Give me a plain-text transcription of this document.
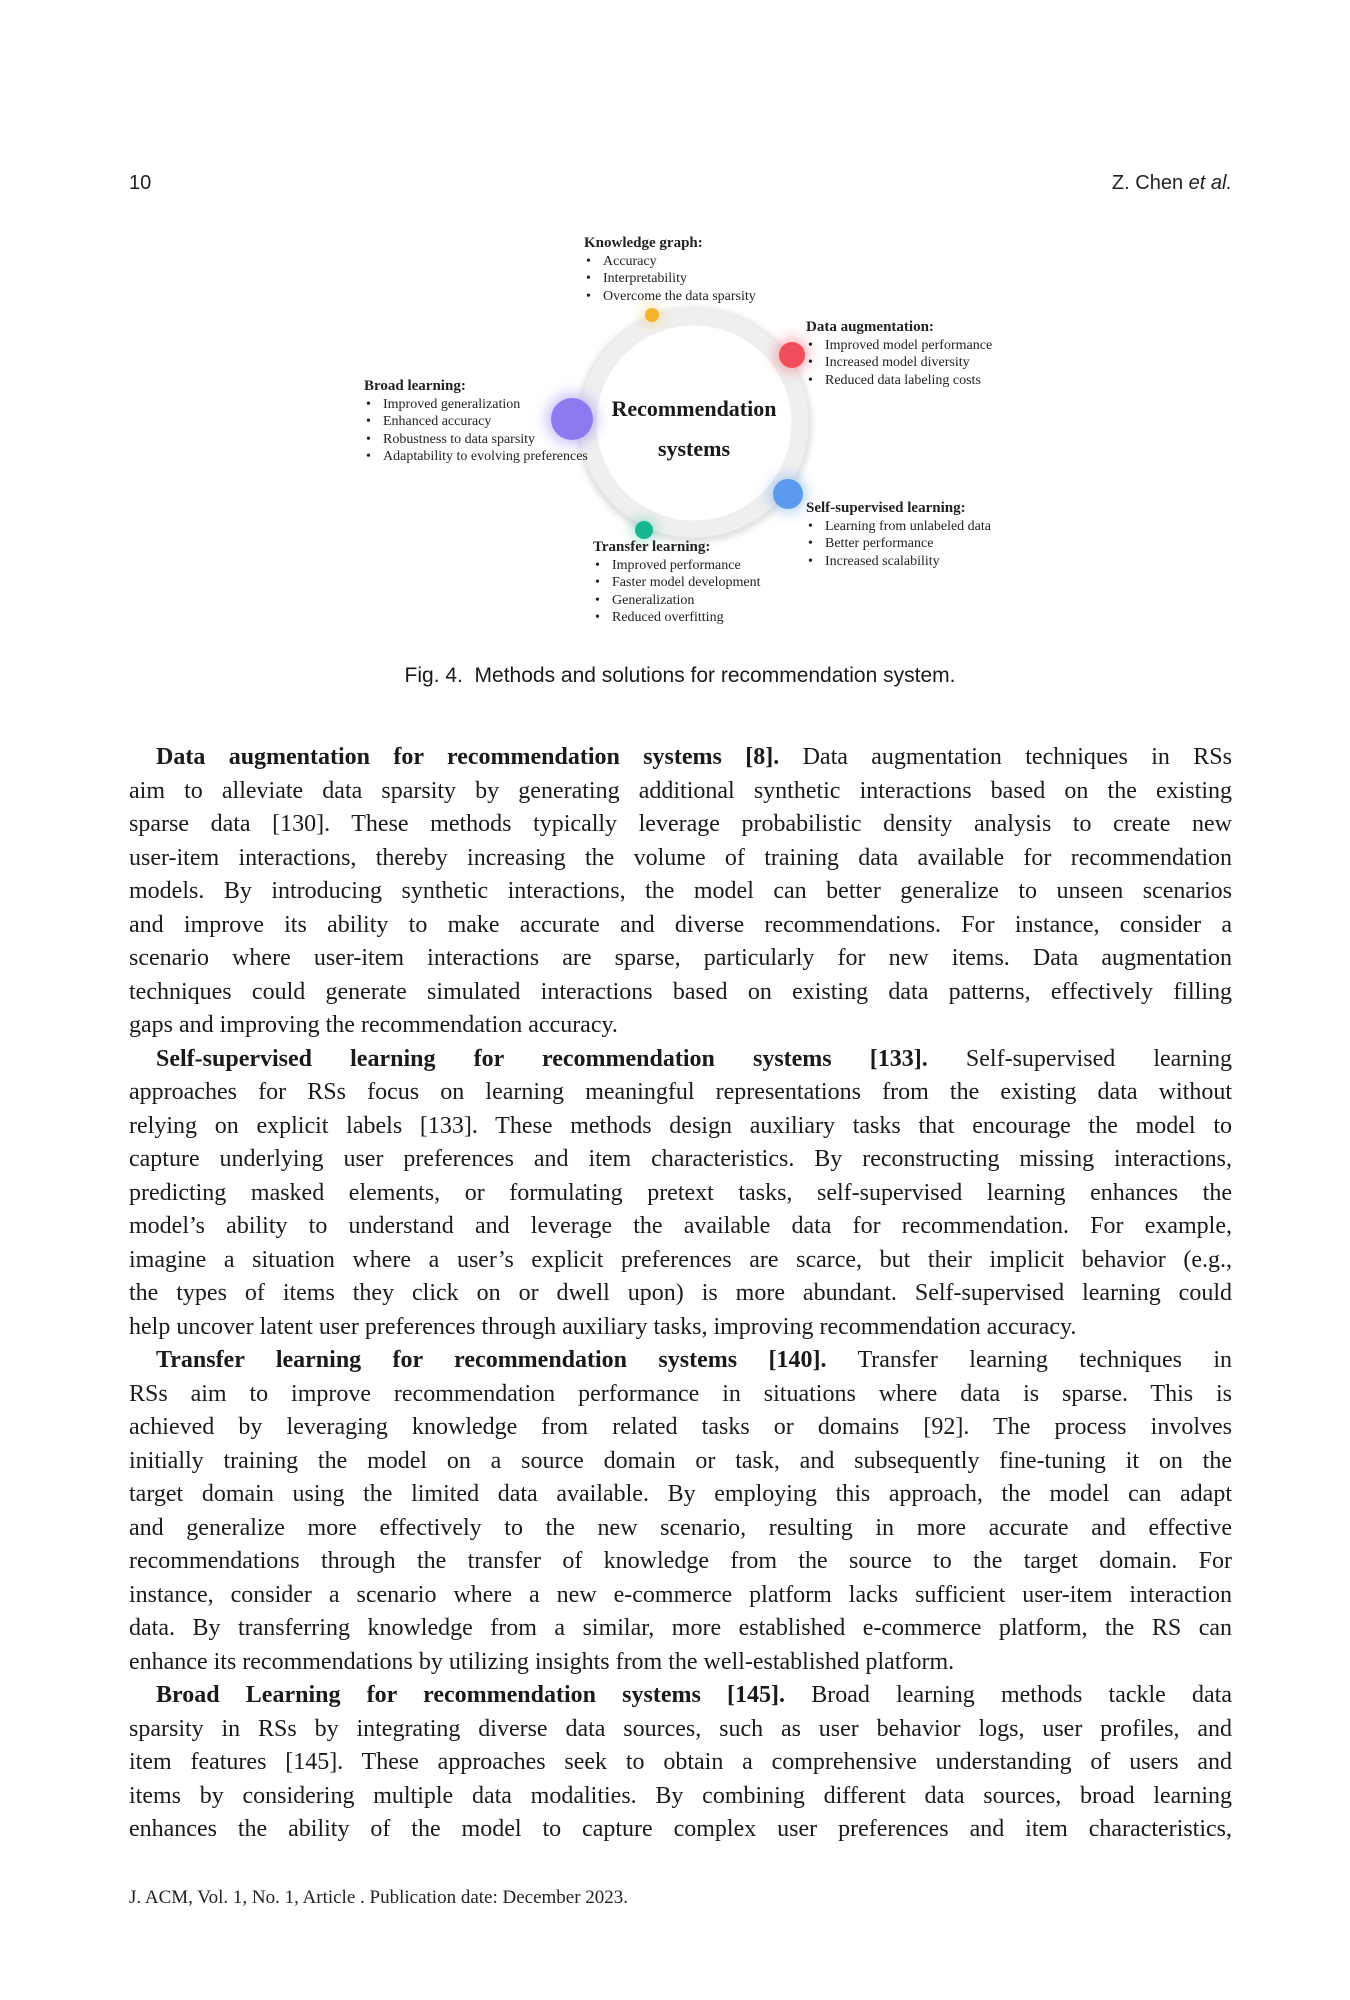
10	Z. Chen et al.
Recommendation
systems
Knowledge graph:
• Accuracy
• Interpretability
• Overcome the data sparsity
Data augmentation:
• Improved model performance
• Increased model diversity
• Reduced data labeling costs
Broad learning:
• Improved generalization
• Enhanced accuracy
• Robustness to data sparsity
• Adaptability to evolving preferences
Self-supervised learning:
• Learning from unlabeled data
• Better performance
• Increased scalability
Transfer learning:
• Improved performance
• Faster model development
• Generalization
• Reduced overfitting
Fig. 4.  Methods and solutions for recommendation system.
Data augmentation for recommendation systems [8]. Data augmentation techniques in RSs
aim to alleviate data sparsity by generating additional synthetic interactions based on the existing
sparse data [130]. These methods typically leverage probabilistic density analysis to create new
user-item interactions, thereby increasing the volume of training data available for recommendation
models. By introducing synthetic interactions, the model can better generalize to unseen scenarios
and improve its ability to make accurate and diverse recommendations. For instance, consider a
scenario where user-item interactions are sparse, particularly for new items. Data augmentation
techniques could generate simulated interactions based on existing data patterns, effectively filling
gaps and improving the recommendation accuracy.
Self-supervised learning for recommendation systems [133]. Self-supervised learning
approaches for RSs focus on learning meaningful representations from the existing data without
relying on explicit labels [133]. These methods design auxiliary tasks that encourage the model to
capture underlying user preferences and item characteristics. By reconstructing missing interactions,
predicting masked elements, or formulating pretext tasks, self-supervised learning enhances the
model’s ability to understand and leverage the available data for recommendation. For example,
imagine a situation where a user’s explicit preferences are scarce, but their implicit behavior (e.g.,
the types of items they click on or dwell upon) is more abundant. Self-supervised learning could
help uncover latent user preferences through auxiliary tasks, improving recommendation accuracy.
Transfer learning for recommendation systems [140]. Transfer learning techniques in
RSs aim to improve recommendation performance in situations where data is sparse. This is
achieved by leveraging knowledge from related tasks or domains [92]. The process involves
initially training the model on a source domain or task, and subsequently fine-tuning it on the
target domain using the limited data available. By employing this approach, the model can adapt
and generalize more effectively to the new scenario, resulting in more accurate and effective
recommendations through the transfer of knowledge from the source to the target domain. For
instance, consider a scenario where a new e-commerce platform lacks sufficient user-item interaction
data. By transferring knowledge from a similar, more established e-commerce platform, the RS can
enhance its recommendations by utilizing insights from the well-established platform.
Broad Learning for recommendation systems [145]. Broad learning methods tackle data
sparsity in RSs by integrating diverse data sources, such as user behavior logs, user profiles, and
item features [145]. These approaches seek to obtain a comprehensive understanding of users and
items by considering multiple data modalities. By combining different data sources, broad learning
enhances the ability of the model to capture complex user preferences and item characteristics,
J. ACM, Vol. 1, No. 1, Article . Publication date: December 2023.
